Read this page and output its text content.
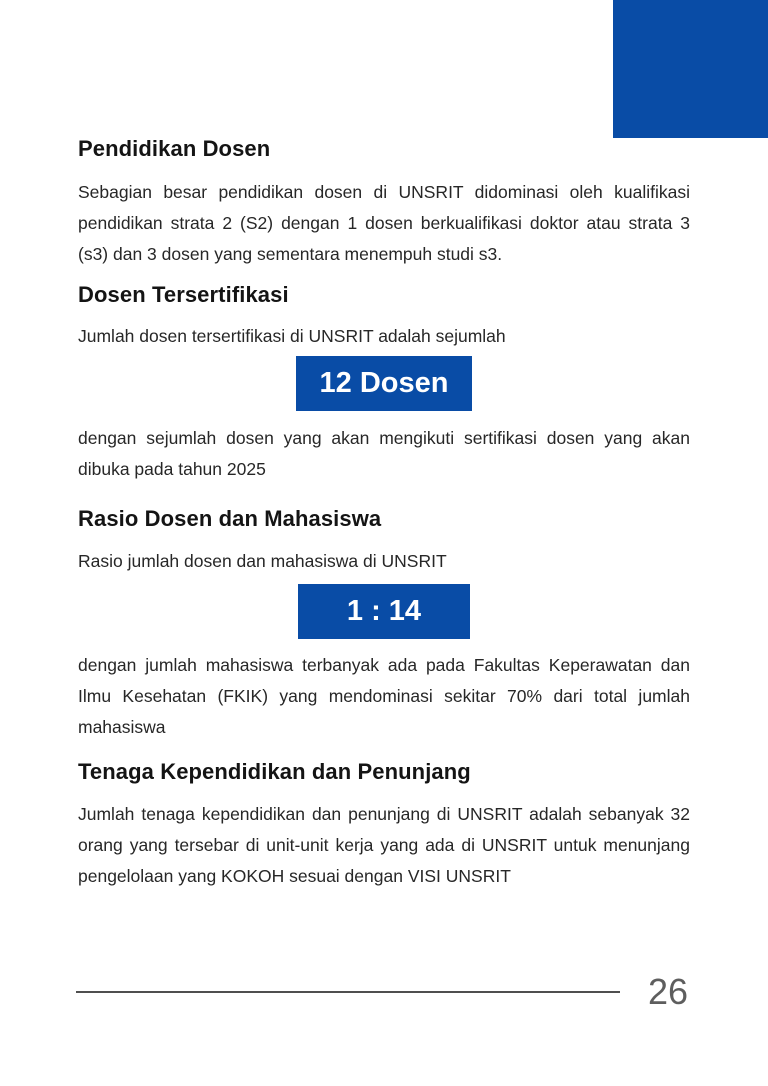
Pendidikan Dosen

Sebagian besar pendidikan dosen di UNSRIT didominasi oleh kualifikasi pendidikan strata 2 (S2) dengan 1 dosen berkualifikasi doktor atau strata 3 (s3) dan 3 dosen yang sementara menempuh studi s3.

Dosen Tersertifikasi

Jumlah dosen tersertifikasi di UNSRIT adalah sejumlah

12 Dosen

dengan sejumlah dosen yang akan mengikuti sertifikasi dosen yang akan dibuka pada tahun 2025

Rasio Dosen dan Mahasiswa

Rasio jumlah dosen dan mahasiswa di UNSRIT

1 : 14

dengan jumlah mahasiswa terbanyak ada pada Fakultas Keperawatan dan Ilmu Kesehatan (FKIK) yang mendominasi sekitar 70% dari total jumlah mahasiswa

Tenaga Kependidikan dan Penunjang

Jumlah tenaga kependidikan dan penunjang di UNSRIT adalah sebanyak 32 orang yang tersebar di unit-unit kerja yang ada di UNSRIT untuk menunjang pengelolaan yang KOKOH sesuai dengan VISI UNSRIT

26
